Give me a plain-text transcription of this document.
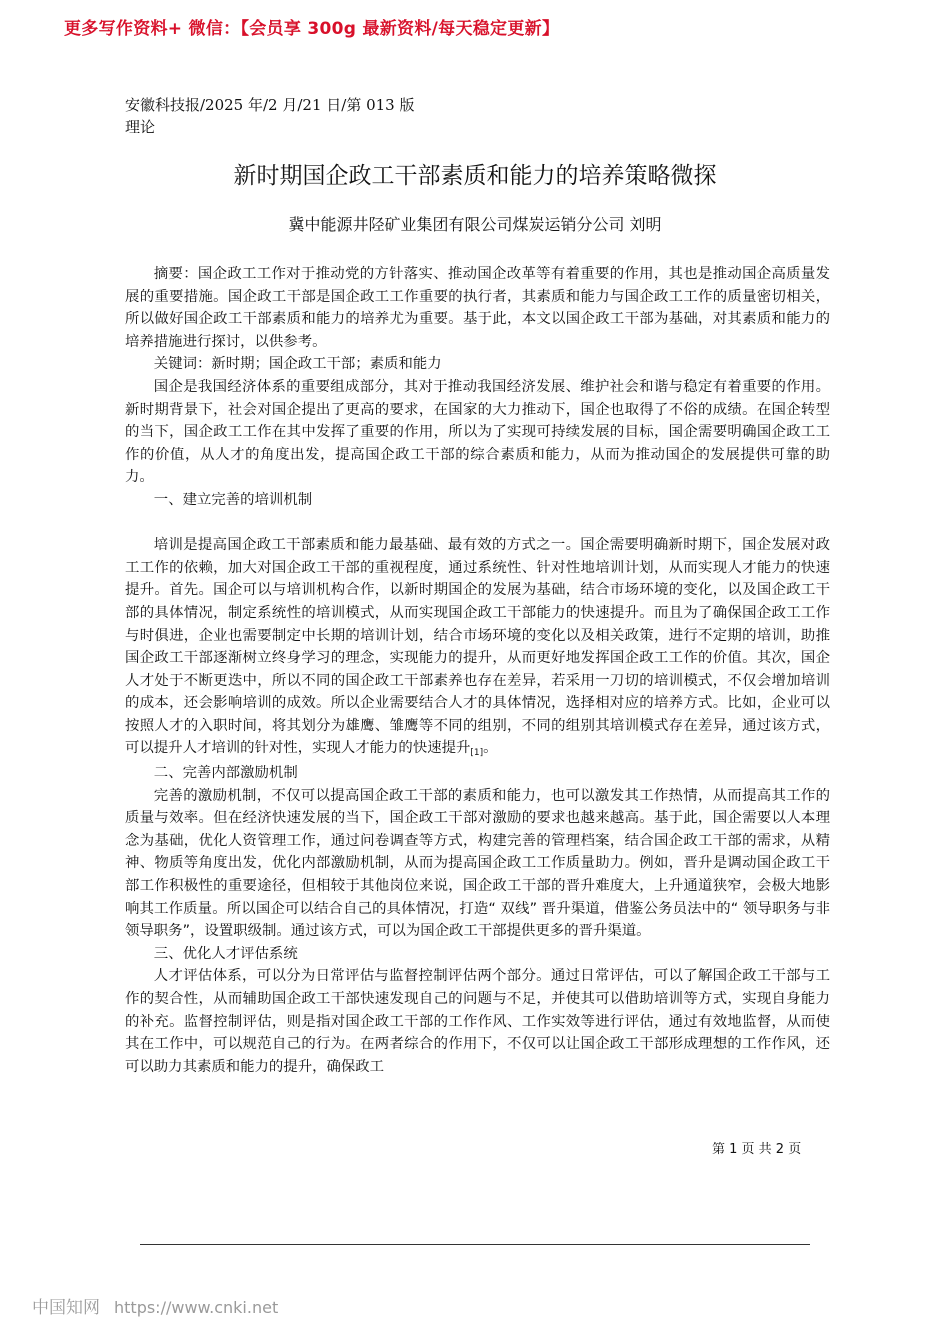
更多写作资料+ 微信：【会员享 300g 最新资料/每天稳定更新】
安徽科技报/2025 年/2 月/21 日/第 013 版理论
新时期国企政工干部素质和能力的培养策略微探
冀中能源井陉矿业集团有限公司煤炭运销分公司 刘明

摘要：国企政工工作对于推动党的方针落实、推动国企改革等有着重要的作用，其也是推动国企高质量发展的重要措施。国企政工干部是国企政工工作重要的执行者，其素质和能力与国企政工工作的质量密切相关，所以做好国企政工干部素质和能力的培养尤为重要。基于此，本文以国企政工干部为基础，对其素质和能力的培养措施进行探讨，以供参考。

关键词：新时期；国企政工干部；素质和能力

国企是我国经济体系的重要组成部分，其对于推动我国经济发展、维护社会和谐与稳定有着重要的作用。新时期背景下，社会对国企提出了更高的要求，在国家的大力推动下，国企也取得了不俗的成绩。在国企转型的当下，国企政工工作在其中发挥了重要的作用，所以为了实现可持续发展的目标，国企需要明确国企政工工作的价值，从人才的角度出发，提高国企政工干部的综合素质和能力，从而为推动国企的发展提供可靠的助力。

一、建立完善的培训机制

培训是提高国企政工干部素质和能力最基础、最有效的方式之一。国企需要明确新时期下，国企发展对政工工作的依赖，加大对国企政工干部的重视程度，通过系统性、针对性地培训计划，从而实现人才能力的快速提升。首先。国企可以与培训机构合作，以新时期国企的发展为基础，结合市场环境的变化，以及国企政工干部的具体情况，制定系统性的培训模式，从而实现国企政工干部能力的快速提升。而且为了确保国企政工工作与时俱进，企业也需要制定中长期的培训计划，结合市场环境的变化以及相关政策，进行不定期的培训，助推国企政工干部逐渐树立终身学习的理念，实现能力的提升，从而更好地发挥国企政工工作的价值。其次，国企人才处于不断更迭中，所以不同的国企政工干部素养也存在差异，若采用一刀切的培训模式，不仅会增加培训的成本，还会影响培训的成效。所以企业需要结合人才的具体情况，选择相对应的培养方式。比如，企业可以按照人才的入职时间，将其划分为雄鹰、雏鹰等不同的组别，不同的组别其培训模式存在差异，通过该方式，可以提升人才培训的针对性，实现人才能力的快速提升[1]。

二、完善内部激励机制

完善的激励机制，不仅可以提高国企政工干部的素质和能力，也可以激发其工作热情，从而提高其工作的质量与效率。但在经济快速发展的当下，国企政工干部对激励的要求也越来越高。基于此，国企需要以人本理念为基础，优化人资管理工作，通过问卷调查等方式，构建完善的管理档案，结合国企政工干部的需求，从精神、物质等角度出发，优化内部激励机制，从而为提高国企政工工作质量助力。例如，晋升是调动国企政工干部工作积极性的重要途径，但相较于其他岗位来说，国企政工干部的晋升难度大，上升通道狭窄，会极大地影响其工作质量。所以国企可以结合自己的具体情况，打造“ 双线” 晋升渠道，借鉴公务员法中的“ 领导职务与非领导职务”，设置职级制。通过该方式，可以为国企政工干部提供更多的晋升渠道。

三、优化人才评估系统

人才评估体系，可以分为日常评估与监督控制评估两个部分。通过日常评估，可以了解国企政工干部与工作的契合性，从而辅助国企政工干部快速发现自己的问题与不足，并使其可以借助培训等方式，实现自身能力的补充。监督控制评估，则是指对国企政工干部的工作作风、工作实效等进行评估，通过有效地监督，从而使其在工作中，可以规范自己的行为。在两者综合的作用下，不仅可以让国企政工干部形成理想的工作作风，还可以助力其素质和能力的提升，确保政工

第 1 页 共 2 页
中国知网 https://www.cnki.net
